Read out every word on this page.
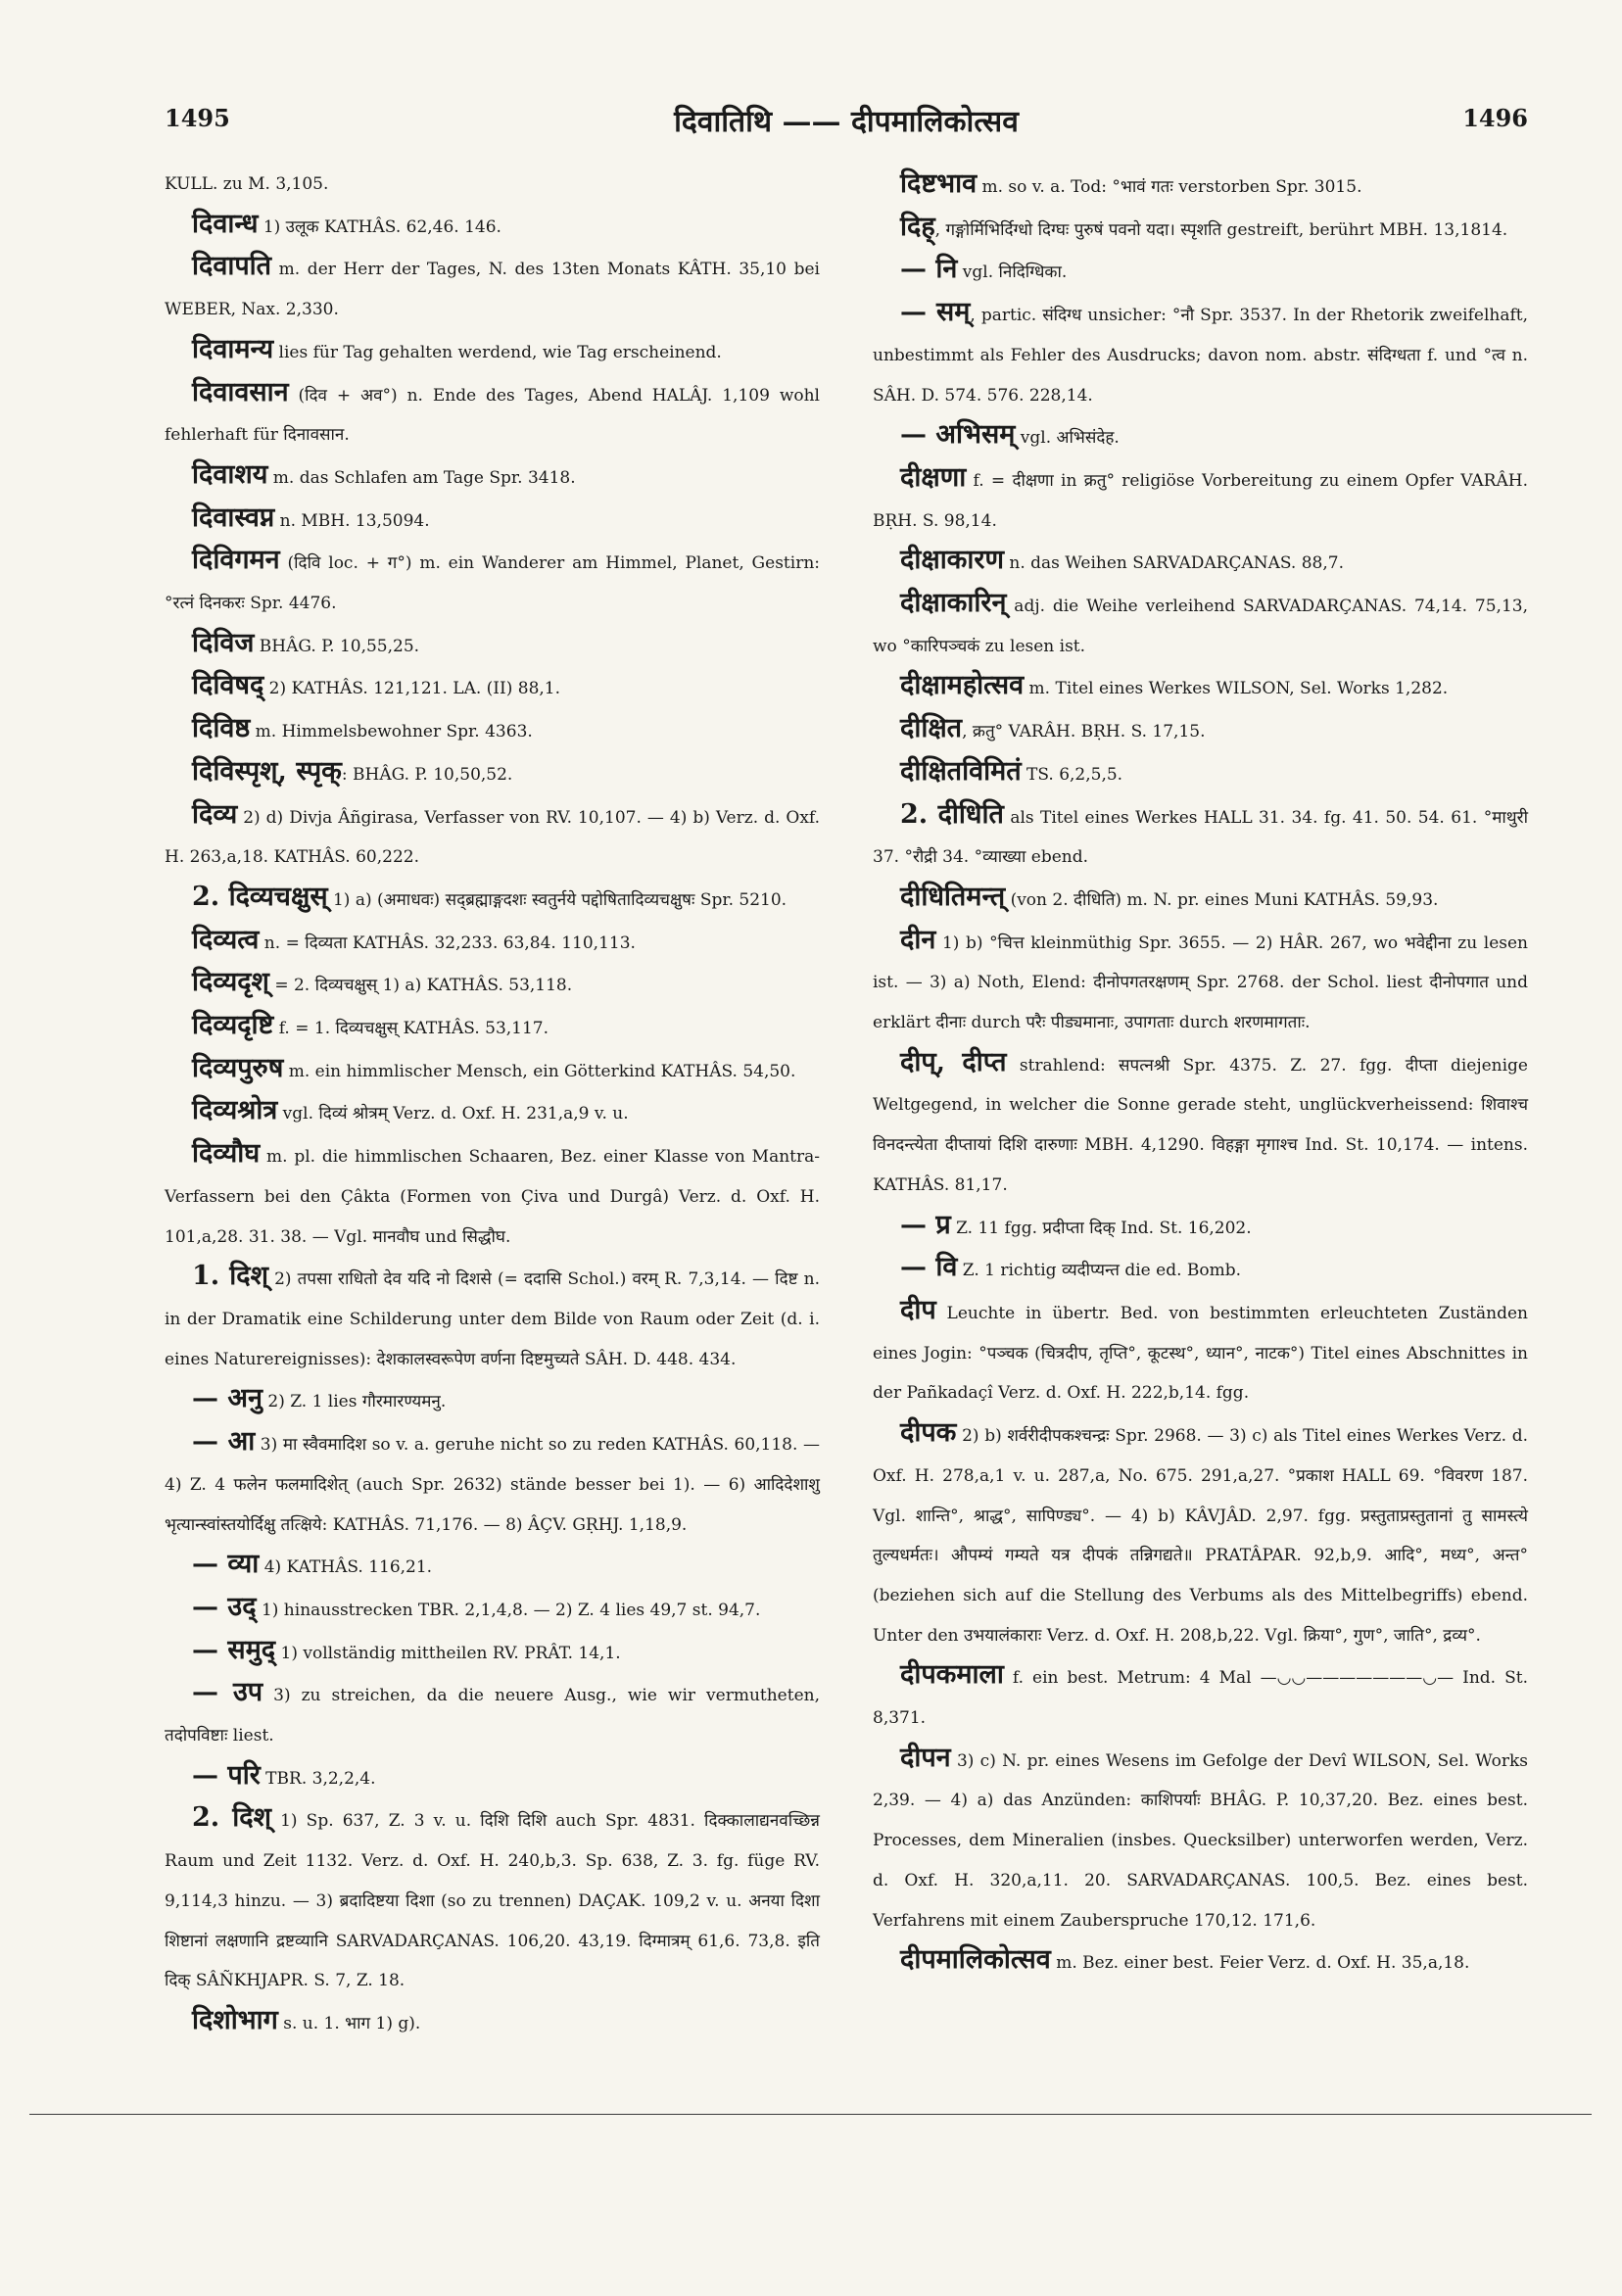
1495	दिवातिथि —— दीपमालिकोत्सव	1496

KULL. zu M. 3,105.

दिवान्ध 1) उलूक KATHÂS. 62,46. 146.

दिवापति m. der Herr der Tages, N. des 13ten Monats KÂTH. 35,10 bei WEBER, Nax. 2,330.

दिवामन्य lies für Tag gehalten werdend, wie Tag erscheinend.

दिवावसान (दिव + अव°) n. Ende des Tages, Abend HALÂJ. 1,109 wohl fehlerhaft für दिनावसान.

दिवाशय m. das Schlafen am Tage Spr. 3418.

दिवास्वप्न n. MBH. 13,5094.

दिविगमन (दिवि loc. + ग°) m. ein Wanderer am Himmel, Planet, Gestirn: °रत्नं दिनकरः Spr. 4476.

दिविज BHÂG. P. 10,55,25.

दिविषद् 2) KATHÂS. 121,121. LA. (II) 88,1.

दिविष्ठ m. Himmelsbewohner Spr. 4363.

दिविस्पृश्, स्पृक्: BHÂG. P. 10,50,52.

दिव्य 2) d) Divja Âñgirasa, Verfasser von RV. 10,107. — 4) b) Verz. d. Oxf. H. 263,a,18. KATHÂS. 60,222.

2. दिव्यचक्षुस् 1) a) (अमाधवः) सद्ब्रह्माङ्गदशः स्वतुर्नये पद्दोषितादिव्यचक्षुषः Spr. 5210.

दिव्यत्व n. = दिव्यता KATHÂS. 32,233. 63,84. 110,113.

दिव्यदृश् = 2. दिव्यचक्षुस् 1) a) KATHÂS. 53,118.

दिव्यदृष्टि f. = 1. दिव्यचक्षुस् KATHÂS. 53,117.

दिव्यपुरुष m. ein himmlischer Mensch, ein Götterkind KATHÂS. 54,50.

दिव्यश्रोत्र vgl. दिव्यं श्रोत्रम् Verz. d. Oxf. H. 231,a,9 v. u.

दिव्यौघ m. pl. die himmlischen Schaaren, Bez. einer Klasse von Mantra-Verfassern bei den Çâkta (Formen von Çiva und Durgâ) Verz. d. Oxf. H. 101,a,28. 31. 38. — Vgl. मानवौघ und सिद्धौघ.

1. दिश् 2) तपसा राधितो देव यदि नो दिशसे (= ददासि Schol.) वरम् R. 7,3,14. — दिष्ट n. in der Dramatik eine Schilderung unter dem Bilde von Raum oder Zeit (d. i. eines Naturereignisses): देशकालस्वरूपेण वर्णना दिष्टमुच्यते SÂH. D. 448. 434.

— अनु 2) Z. 1 lies गौरमारण्यमनु.

— आ 3) मा स्वैवमादिश so v. a. geruhe nicht so zu reden KATHÂS. 60,118. — 4) Z. 4 फलेन फलमादिशेत् (auch Spr. 2632) stände besser bei 1). — 6) आदिदेशाशु भृत्यान्स्वांस्तयोर्दिक्षु तत्क्षिये: KATHÂS. 71,176. — 8) ÂÇV. GṚHJ. 1,18,9.

— व्या 4) KATHÂS. 116,21.

— उद् 1) hinausstrecken TBR. 2,1,4,8. — 2) Z. 4 lies 49,7 st. 94,7.

— समुद् 1) vollständig mittheilen RV. PRÂT. 14,1.

— उप 3) zu streichen, da die neuere Ausg., wie wir vermutheten, तदोपविष्टाः liest.

— परि TBR. 3,2,2,4.

2. दिश् 1) Sp. 637, Z. 3 v. u. दिशि दिशि auch Spr. 4831. दिक्कालाद्यनवच्छिन्न Raum und Zeit 1132. Verz. d. Oxf. H. 240,b,3. Sp. 638, Z. 3. fg. füge RV. 9,114,3 hinzu. — 3) ब्रदादिष्टया दिशा (so zu trennen) DAÇAK. 109,2 v. u. अनया दिशा शिष्टानां लक्षणानि द्रष्टव्यानि SARVADARÇANAS. 106,20. 43,19. दिग्मात्रम् 61,6. 73,8. इति दिक् SÂÑKHJAPR. S. 7, Z. 18.

दिशोभाग s. u. 1. भाग 1) g).

दिष्टभाव m. so v. a. Tod: °भावं गतः verstorben Spr. 3015.

दिह्, गङ्गोर्मिभिर्दिग्धो दिग्घः पुरुषं पवनो यदा। स्पृशति gestreift, berührt MBH. 13,1814.

— नि vgl. निदिग्धिका.

— सम्, partic. संदिग्ध unsicher: °नौ Spr. 3537. In der Rhetorik zweifelhaft, unbestimmt als Fehler des Ausdrucks; davon nom. abstr. संदिग्धता f. und °त्व n. SÂH. D. 574. 576. 228,14.

— अभिसम् vgl. अभिसंदेह.

दीक्षणा f. = दीक्षणा in क्रतु° religiöse Vorbereitung zu einem Opfer VARÂH. BṚH. S. 98,14.

दीक्षाकारण n. das Weihen SARVADARÇANAS. 88,7.

दीक्षाकारिन् adj. die Weihe verleihend SARVADARÇANAS. 74,14. 75,13, wo °कारिपञ्चकं zu lesen ist.

दीक्षामहोत्सव m. Titel eines Werkes WILSON, Sel. Works 1,282.

दीक्षित, क्रतु° VARÂH. BṚH. S. 17,15.

दीक्षितविमितं TS. 6,2,5,5.

2. दीधिति als Titel eines Werkes HALL 31. 34. fg. 41. 50. 54. 61. °माथुरी 37. °रौद्री 34. °व्याख्या ebend.

दीधितिमन्त् (von 2. दीधिति) m. N. pr. eines Muni KATHÂS. 59,93.

दीन 1) b) °चित्त kleinmüthig Spr. 3655. — 2) HÂR. 267, wo भवेद्दीना zu lesen ist. — 3) a) Noth, Elend: दीनोपगतरक्षणम् Spr. 2768. der Schol. liest दीनोपगात und erklärt दीनाः durch परैः पीड्यमानाः, उपागताः durch शरणमागताः.

दीप्, दीप्त strahlend: सपत्नश्री Spr. 4375. Z. 27. fgg. दीप्ता diejenige Weltgegend, in welcher die Sonne gerade steht, unglückverheissend: शिवाश्च विनदन्त्येता दीप्तायां दिशि दारुणाः MBH. 4,1290. विहङ्गा मृगाश्च Ind. St. 10,174. — intens. KATHÂS. 81,17.

— प्र Z. 11 fgg. प्रदीप्ता दिक् Ind. St. 16,202.

— वि Z. 1 richtig व्यदीप्यन्त die ed. Bomb.

दीप Leuchte in übertr. Bed. von bestimmten erleuchteten Zuständen eines Jogin: °पञ्चक (चित्रदीप, तृप्ति°, कूटस्थ°, ध्यान°, नाटक°) Titel eines Abschnittes in der Pañkadaçî Verz. d. Oxf. H. 222,b,14. fgg.

दीपक 2) b) शर्वरीदीपकश्चन्द्रः Spr. 2968. — 3) c) als Titel eines Werkes Verz. d. Oxf. H. 278,a,1 v. u. 287,a, No. 675. 291,a,27. °प्रकाश HALL 69. °विवरण 187. Vgl. शान्ति°, श्राद्ध°, सापिण्ड्य°. — 4) b) KÂVJÂD. 2,97. fgg. प्रस्तुताप्रस्तुतानां तु सामस्त्ये तुल्यधर्मतः। औपम्यं गम्यते यत्र दीपकं तन्निगद्यते॥ PRATÂPAR. 92,b,9. आदि°, मध्य°, अन्त° (beziehen sich auf die Stellung des Verbums als des Mittelbegriffs) ebend. Unter den उभयालंकाराः Verz. d. Oxf. H. 208,b,22. Vgl. क्रिया°, गुण°, जाति°, द्रव्य°.

दीपकमाला f. ein best. Metrum: 4 Mal —◡◡———————◡— Ind. St. 8,371.

दीपन 3) c) N. pr. eines Wesens im Gefolge der Devî WILSON, Sel. Works 2,39. — 4) a) das Anzünden: काशिपर्याः BHÂG. P. 10,37,20. Bez. eines best. Processes, dem Mineralien (insbes. Quecksilber) unterworfen werden, Verz. d. Oxf. H. 320,a,11. 20. SARVADARÇANAS. 100,5. Bez. eines best. Verfahrens mit einem Zauberspruche 170,12. 171,6.

दीपमालिकोत्सव m. Bez. einer best. Feier Verz. d. Oxf. H. 35,a,18.
